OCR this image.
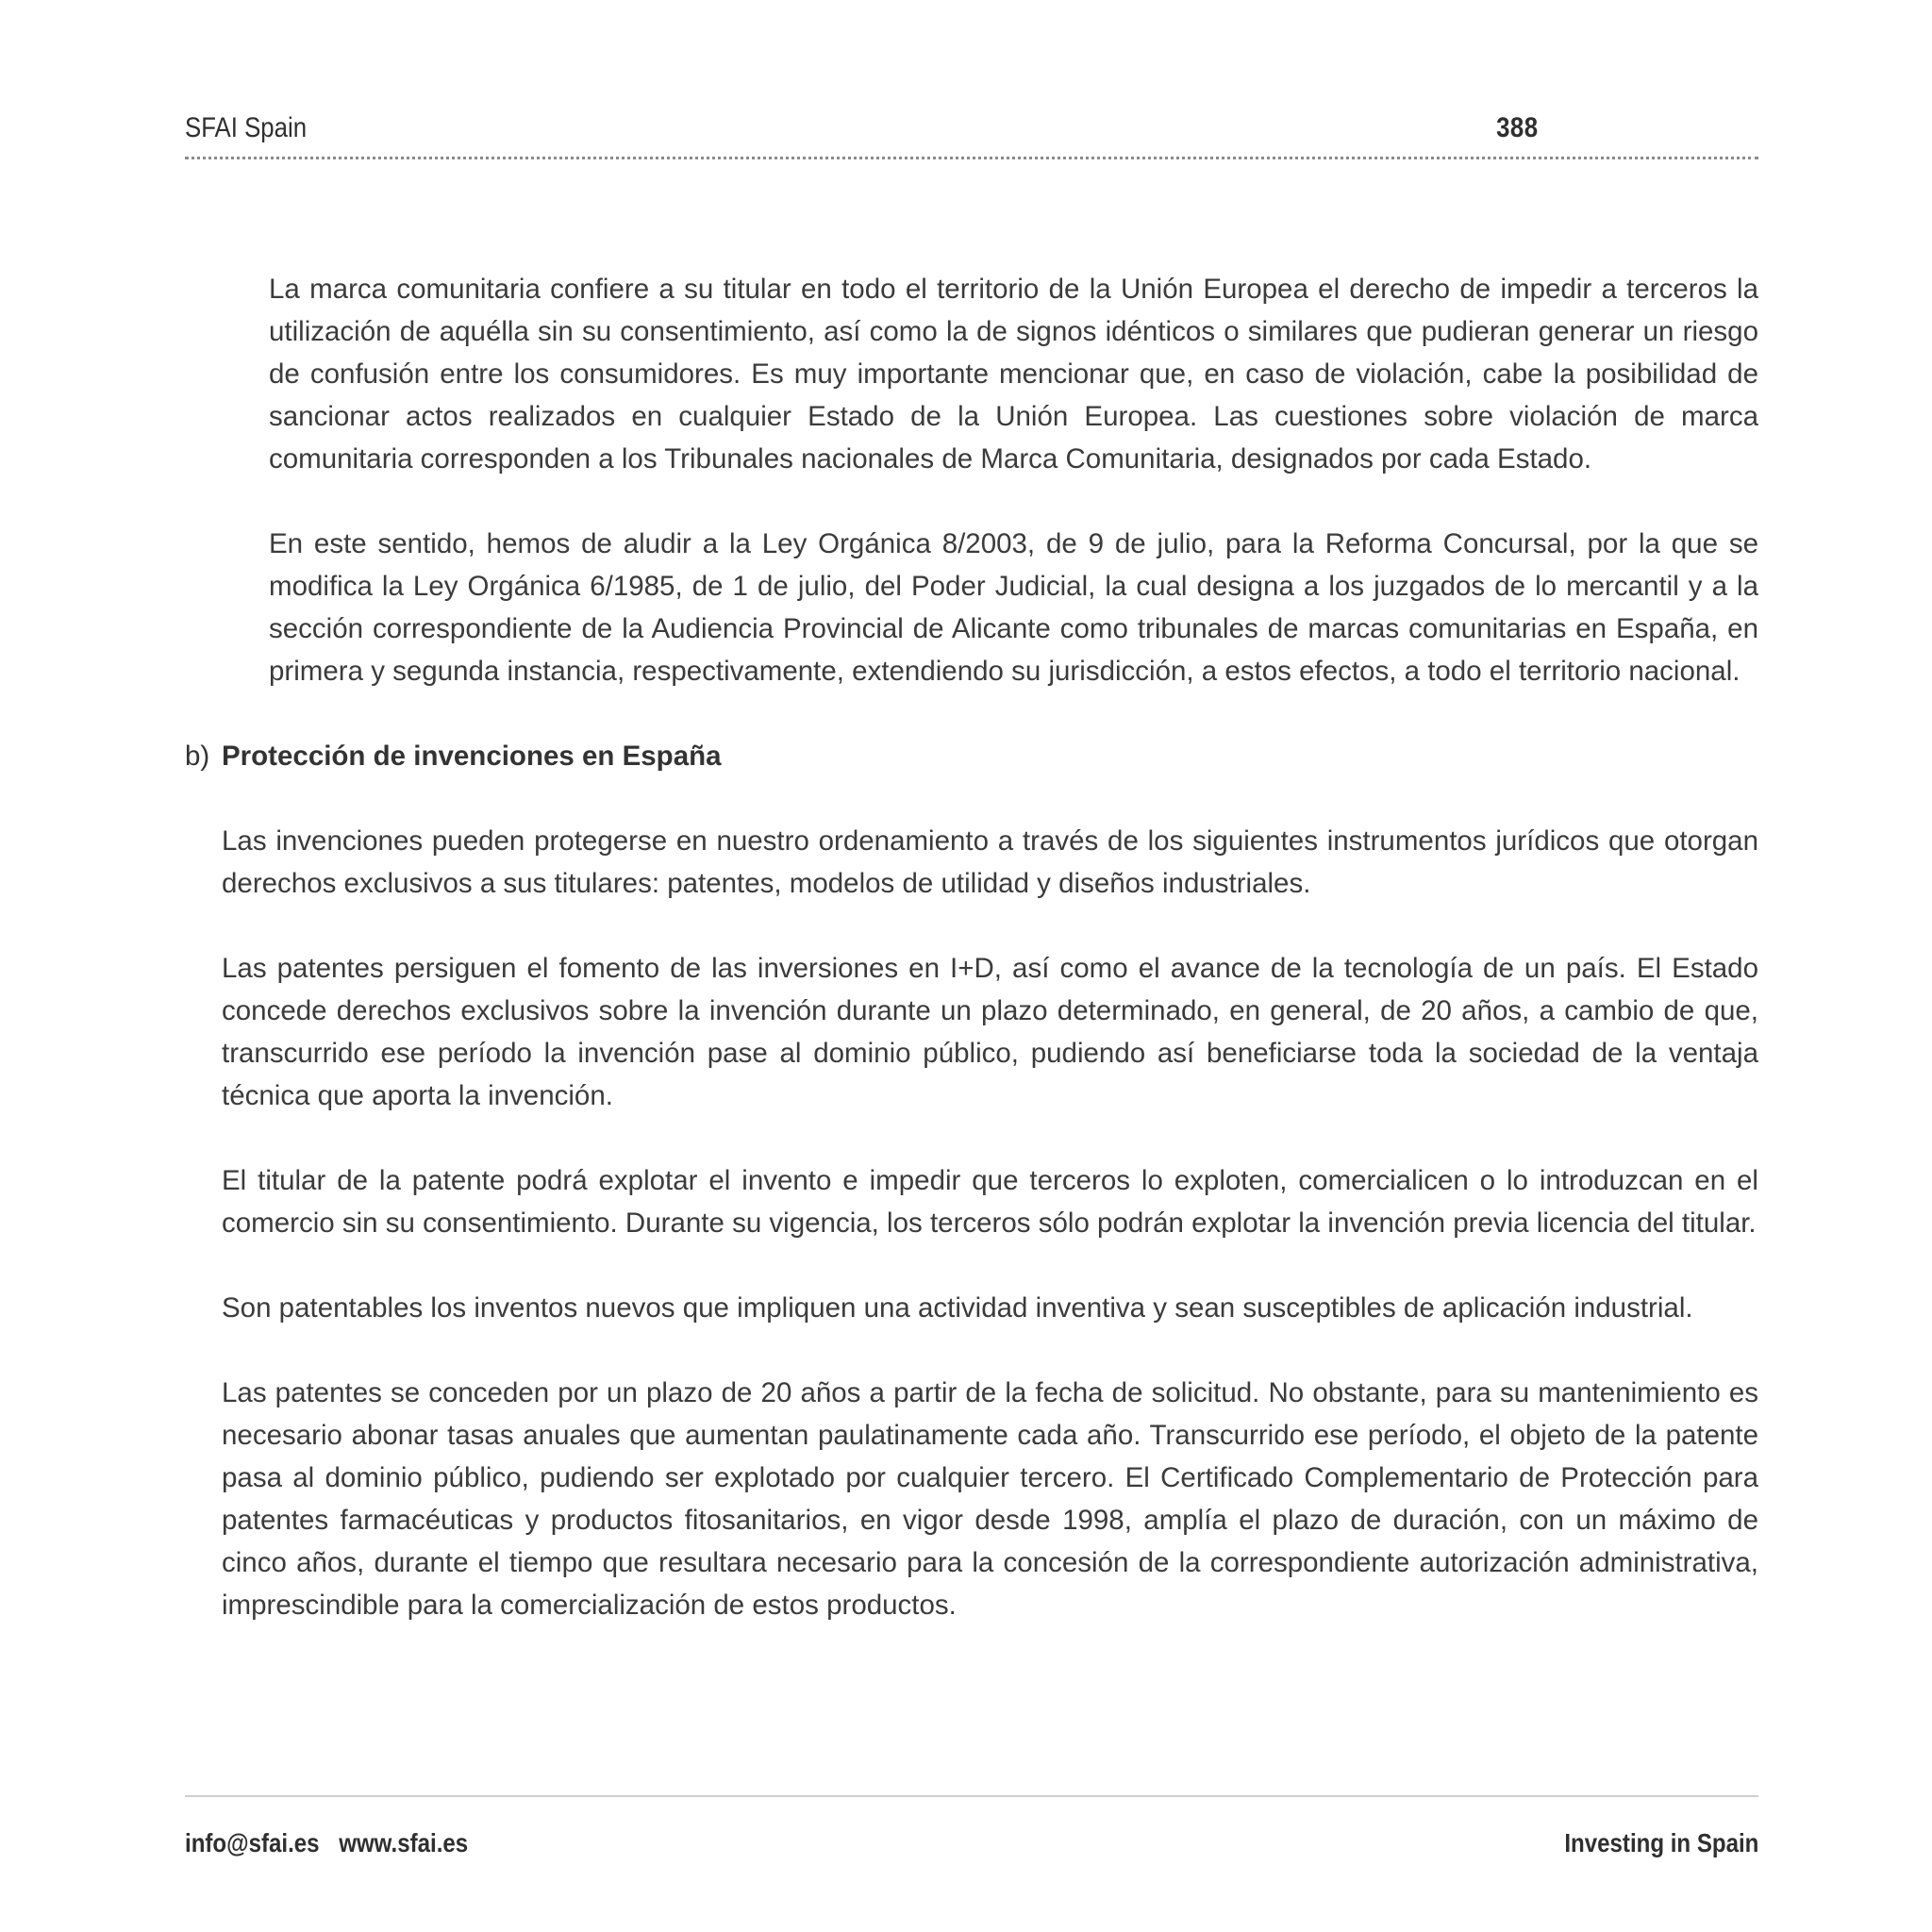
SFAI Spain	388

La marca comunitaria confiere a su titular en todo el territorio de la Unión Europea el derecho de impedir a terceros la utilización de aquélla sin su consentimiento, así como la de signos idénticos o similares que pudieran generar un riesgo de confusión entre los consumidores. Es muy importante mencionar que, en caso de violación, cabe la posibilidad de sancionar actos realizados en cualquier Estado de la Unión Europea. Las cuestiones sobre violación de marca comunitaria corresponden a los Tribunales nacionales de Marca Comunitaria, designados por cada Estado.

En este sentido, hemos de aludir a la Ley Orgánica 8/2003, de 9 de julio, para la Reforma Concursal, por la que se modifica la Ley Orgánica 6/1985, de 1 de julio, del Poder Judicial, la cual designa a los juzgados de lo mercantil y a la sección correspondiente de la Audiencia Provincial de Alicante como tribunales de marcas comunitarias en España, en primera y segunda instancia, respectivamente, extendiendo su jurisdicción, a estos efectos, a todo el territorio nacional.

b) Protección de invenciones en España

Las invenciones pueden protegerse en nuestro ordenamiento a través de los siguientes instrumentos jurídicos que otorgan derechos exclusivos a sus titulares: patentes, modelos de utilidad y diseños industriales.

Las patentes persiguen el fomento de las inversiones en I+D, así como el avance de la tecnología de un país. El Estado concede derechos exclusivos sobre la invención durante un plazo determinado, en general, de 20 años, a cambio de que, transcurrido ese período la invención pase al dominio público, pudiendo así beneficiarse toda la sociedad de la ventaja técnica que aporta la invención.

El titular de la patente podrá explotar el invento e impedir que terceros lo exploten, comercialicen o lo introduzcan en el comercio sin su consentimiento. Durante su vigencia, los terceros sólo podrán explotar la invención previa licencia del titular.

Son patentables los inventos nuevos que impliquen una actividad inventiva y sean susceptibles de aplicación industrial.

Las patentes se conceden por un plazo de 20 años a partir de la fecha de solicitud. No obstante, para su mantenimiento es necesario abonar tasas anuales que aumentan paulatinamente cada año. Transcurrido ese período, el objeto de la patente pasa al dominio público, pudiendo ser explotado por cualquier tercero. El Certificado Complementario de Protección para patentes farmacéuticas y productos fitosanitarios, en vigor desde 1998, amplía el plazo de duración, con un máximo de cinco años, durante el tiempo que resultara necesario para la concesión de la correspondiente autorización administrativa, imprescindible para la comercialización de estos productos.

info@sfai.es www.sfai.es	Investing in Spain
